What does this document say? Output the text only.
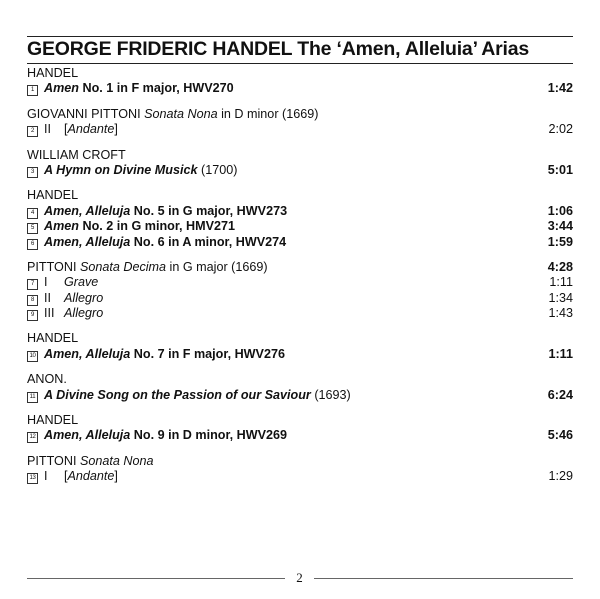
GEORGE FRIDERIC HANDEL The ‘Amen, Alleluia’ Arias
HANDEL
1 Amen No. 1 in F major, HWV270	1:42
GIOVANNI PITTONI Sonata Nona in D minor (1669)
2 II	[ Andante ]	2:02
WILLIAM CROFT
3 A Hymn on Divine Musick (1700)	5:01
HANDEL
4 Amen, Alleluja No. 5 in G major, HWV273	1:06
5 Amen No. 2 in G minor, HMV271	3:44
6 Amen, Alleluja No. 6 in A minor, HWV274	1:59
PITTONI Sonata Decima in G major (1669)	4:28
7 I	Grave	1:11
8 II	Allegro	1:34
9 III Allegro	1:43
HANDEL
10 Amen, Alleluja No. 7 in F major, HWV276	1:11
ANON.
11 A Divine Song on the Passion of our Saviour (1693)	6:24
HANDEL
12 Amen, Alleluja No. 9 in D minor, HWV269	5:46
PITTONI Sonata Nona
13 I	[ Andante ]	1:29
2
